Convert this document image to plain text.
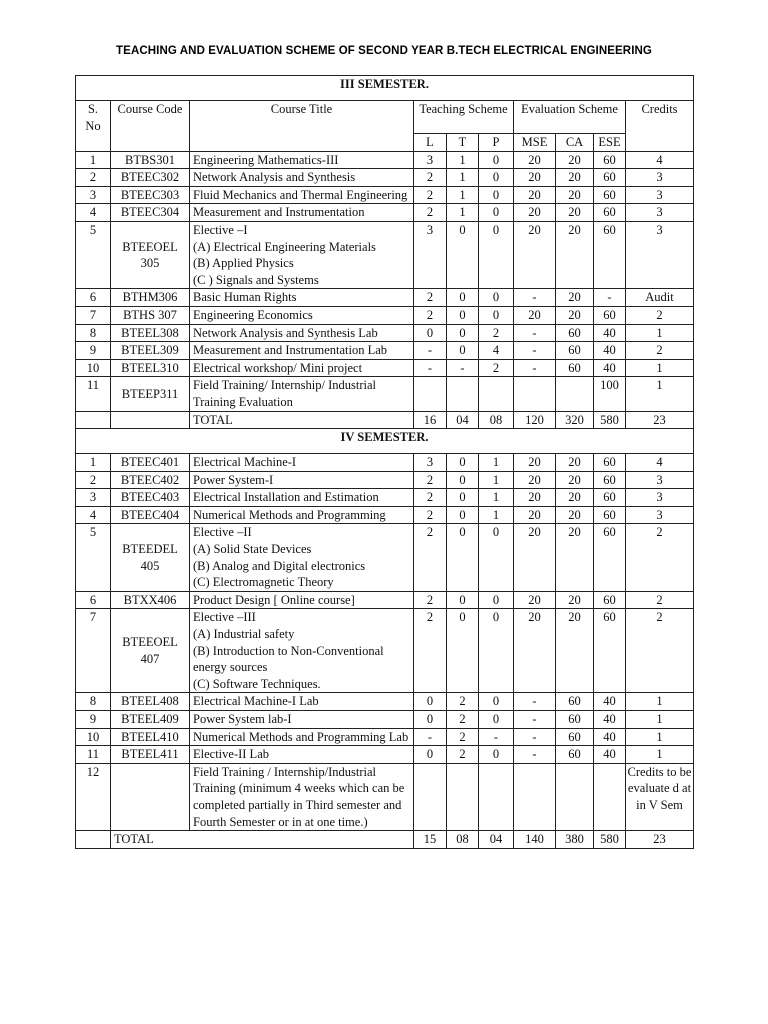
TEACHING AND EVALUATION SCHEME OF SECOND YEAR B.TECH ELECTRICAL ENGINEERING
III SEMESTER.									
S. No	Course Code	Course Title	Teaching Scheme			Evaluation Scheme			Credits
			L	T	P	MSE	CA	ESE	
1	BTBS301	Engineering Mathematics-III	3	1	0	20	20	60	4
2	BTEEC302	Network Analysis and Synthesis	2	1	0	20	20	60	3
3	BTEEC303	Fluid Mechanics and Thermal Engineering	2	1	0	20	20	60	3
4	BTEEC304	Measurement and Instrumentation	2	1	0	20	20	60	3
5	BTEEOEL 305	Elective –I
(A) Electrical Engineering Materials
(B) Applied Physics
(C ) Signals and Systems	3	0	0	20	20	60	3
6	BTHM306	Basic Human Rights	2	0	0	-	20	-	Audit
7	BTHS 307	Engineering Economics	2	0	0	20	20	60	2
8	BTEEL308	Network Analysis and Synthesis Lab	0	0	2	-	60	40	1
9	BTEEL309	Measurement and Instrumentation Lab	-	0	4	-	60	40	2
10	BTEEL310	Electrical workshop/ Mini project	-	-	2	-	60	40	1
11	BTEEP311	Field Training/ Internship/ Industrial Training Evaluation						100	1
		TOTAL	16	04	08	120	320	580	23
IV SEMESTER.									
1	BTEEC401	Electrical Machine-I	3	0	1	20	20	60	4
2	BTEEC402	Power System-I	2	0	1	20	20	60	3
3	BTEEC403	Electrical Installation and Estimation	2	0	1	20	20	60	3
4	BTEEC404	Numerical Methods and Programming	2	0	1	20	20	60	3
5	BTEEDEL 405	Elective –II
(A) Solid State Devices
(B) Analog and Digital electronics
(C) Electromagnetic Theory	2	0	0	20	20	60	2
6	BTXX406	Product Design [ Online course]	2	0	0	20	20	60	2
7	BTEEOEL 407	Elective –III
(A) Industrial safety
(B) Introduction to Non-Conventional energy sources
(C) Software Techniques.	2	0	0	20	20	60	2
8	BTEEL408	Electrical Machine-I Lab	0	2	0	-	60	40	1
9	BTEEL409	Power System lab-I	0	2	0	-	60	40	1
10	BTEEL410	Numerical Methods and Programming Lab	-	2	-	-	60	40	1
11	BTEEL411	Elective-II Lab	0	2	0	-	60	40	1
12		Field Training / Internship/Industrial Training (minimum 4 weeks which can be completed partially in Third semester and Fourth Semester or in at one time.)							Credits to be evaluate d at in V Sem
	TOTAL		15	08	04	140	380	580	23
